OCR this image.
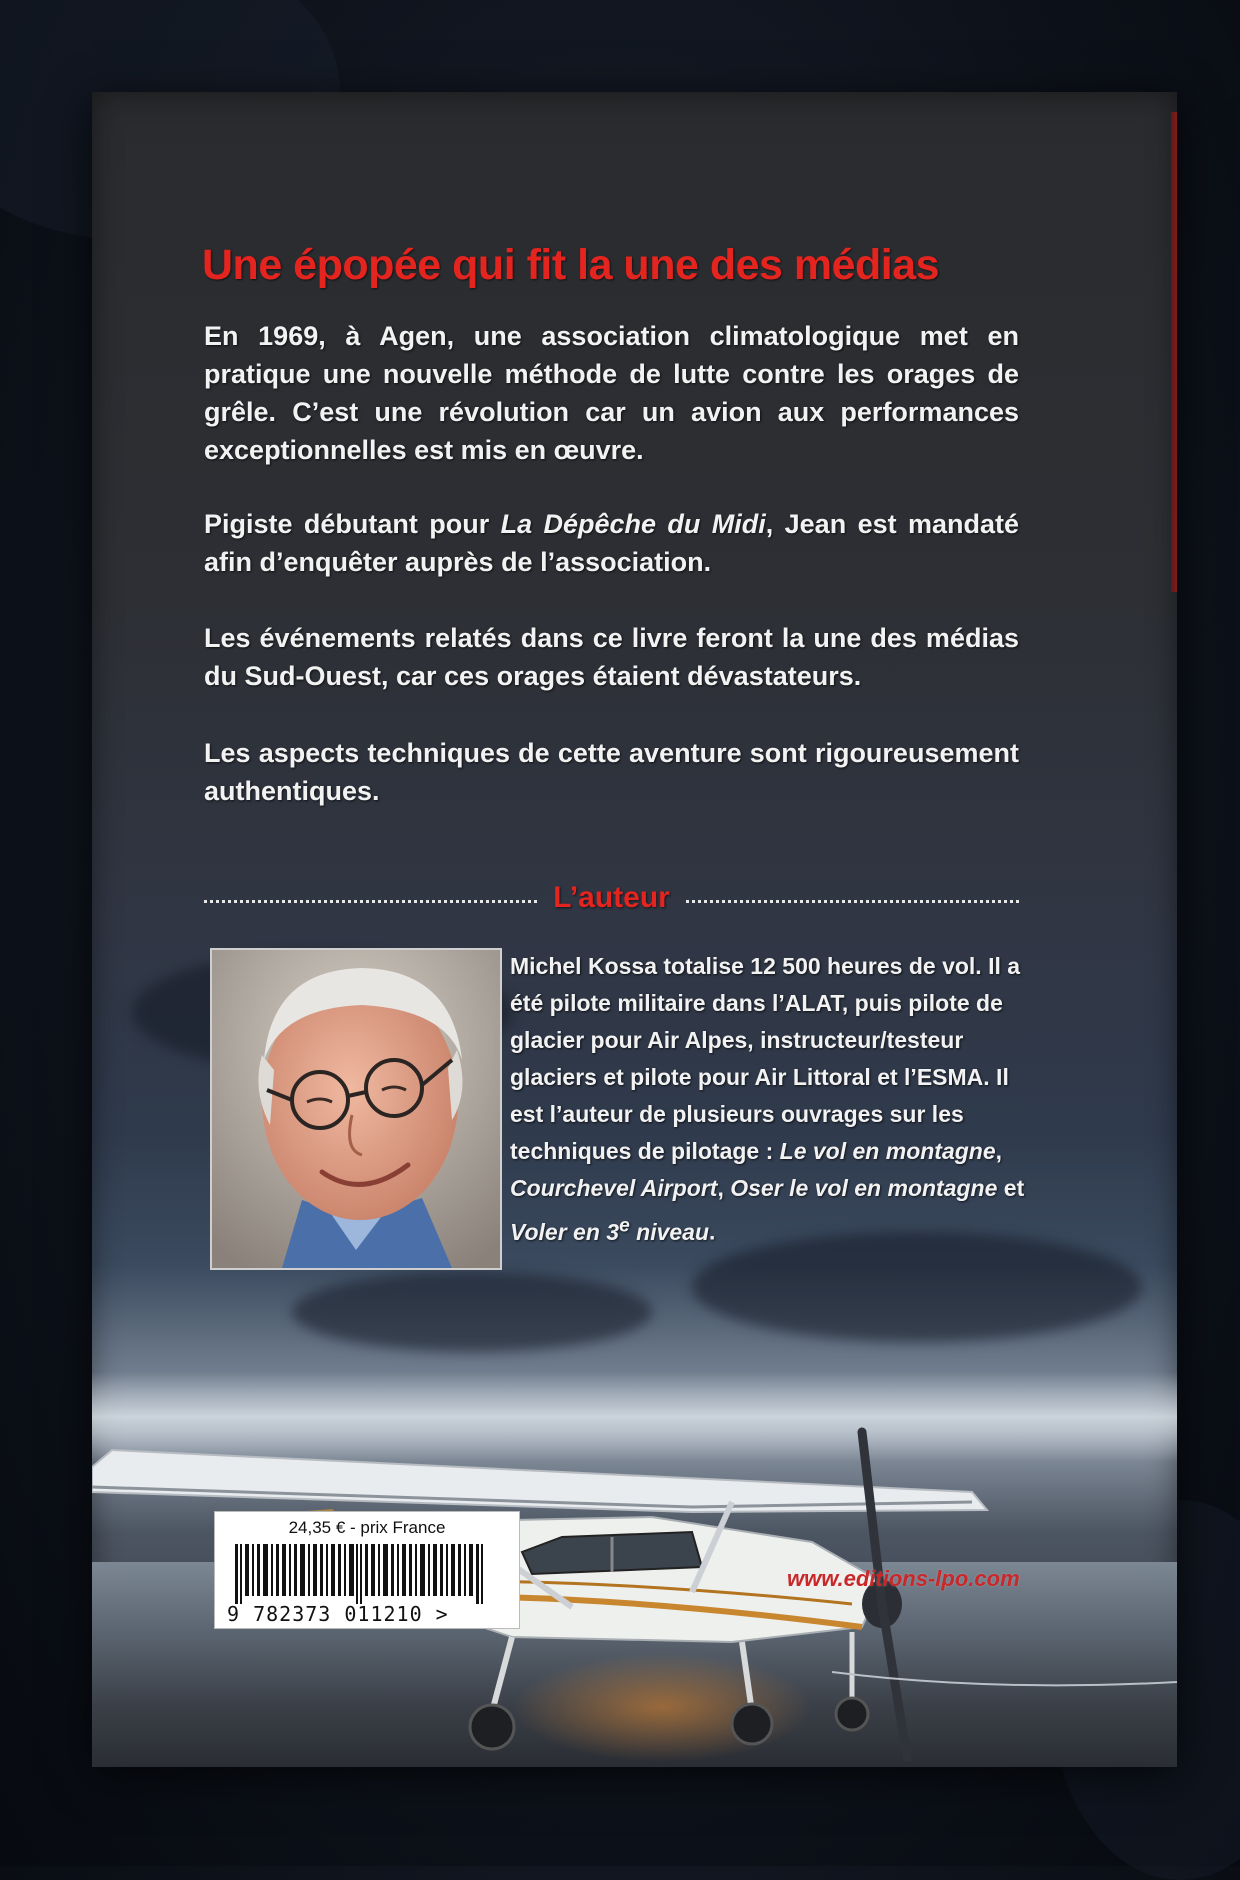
Une épopée qui fit la une des médias

En 1969, à Agen, une association climatologique met en pratique une nouvelle méthode de lutte contre les orages de grêle. C’est une révolution car un avion aux performances exceptionnelles est mis en œuvre.

Pigiste débutant pour La Dépêche du Midi, Jean est mandaté afin d’enquêter auprès de l’association.

Les événements relatés dans ce livre feront la une des médias du Sud-Ouest, car ces orages étaient dévastateurs.

Les aspects techniques de cette aventure sont rigoureusement authentiques.

L’auteur

Michel Kossa totalise 12 500 heures de vol. Il a été pilote militaire dans l’ALAT, puis pilote de glacier pour Air Alpes, instructeur/testeur glaciers et pilote pour Air Littoral et l’ESMA. Il est l’auteur de plusieurs ouvrages sur les techniques de pilotage : Le vol en montagne, Courchevel Airport, Oser le vol en montagne et Voler en 3e niveau.

24,35 € - prix France
9 782373 011210 >
www.editions-lpo.com
